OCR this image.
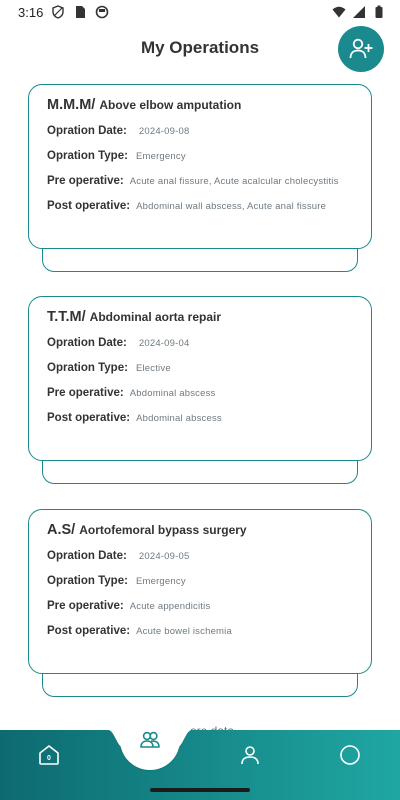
3:16
My Operations
M.M.M/ Above elbow amputation
Opration Date: 2024-09-08
Opration Type: Emergency
Pre operative: Acute anal fissure, Acute acalcular cholecystitis
Post operative: Abdominal wall abscess, Acute anal fissure
T.T.M/ Abdominal aorta repair
Opration Date: 2024-09-04
Opration Type: Elective
Pre operative: Abdominal abscess
Post operative: Abdominal abscess
A.S/ Aortofemoral bypass surgery
Opration Date: 2024-09-05
Opration Type: Emergency
Pre operative: Acute appendicitis
Post operative: Acute bowel ischemia
0
